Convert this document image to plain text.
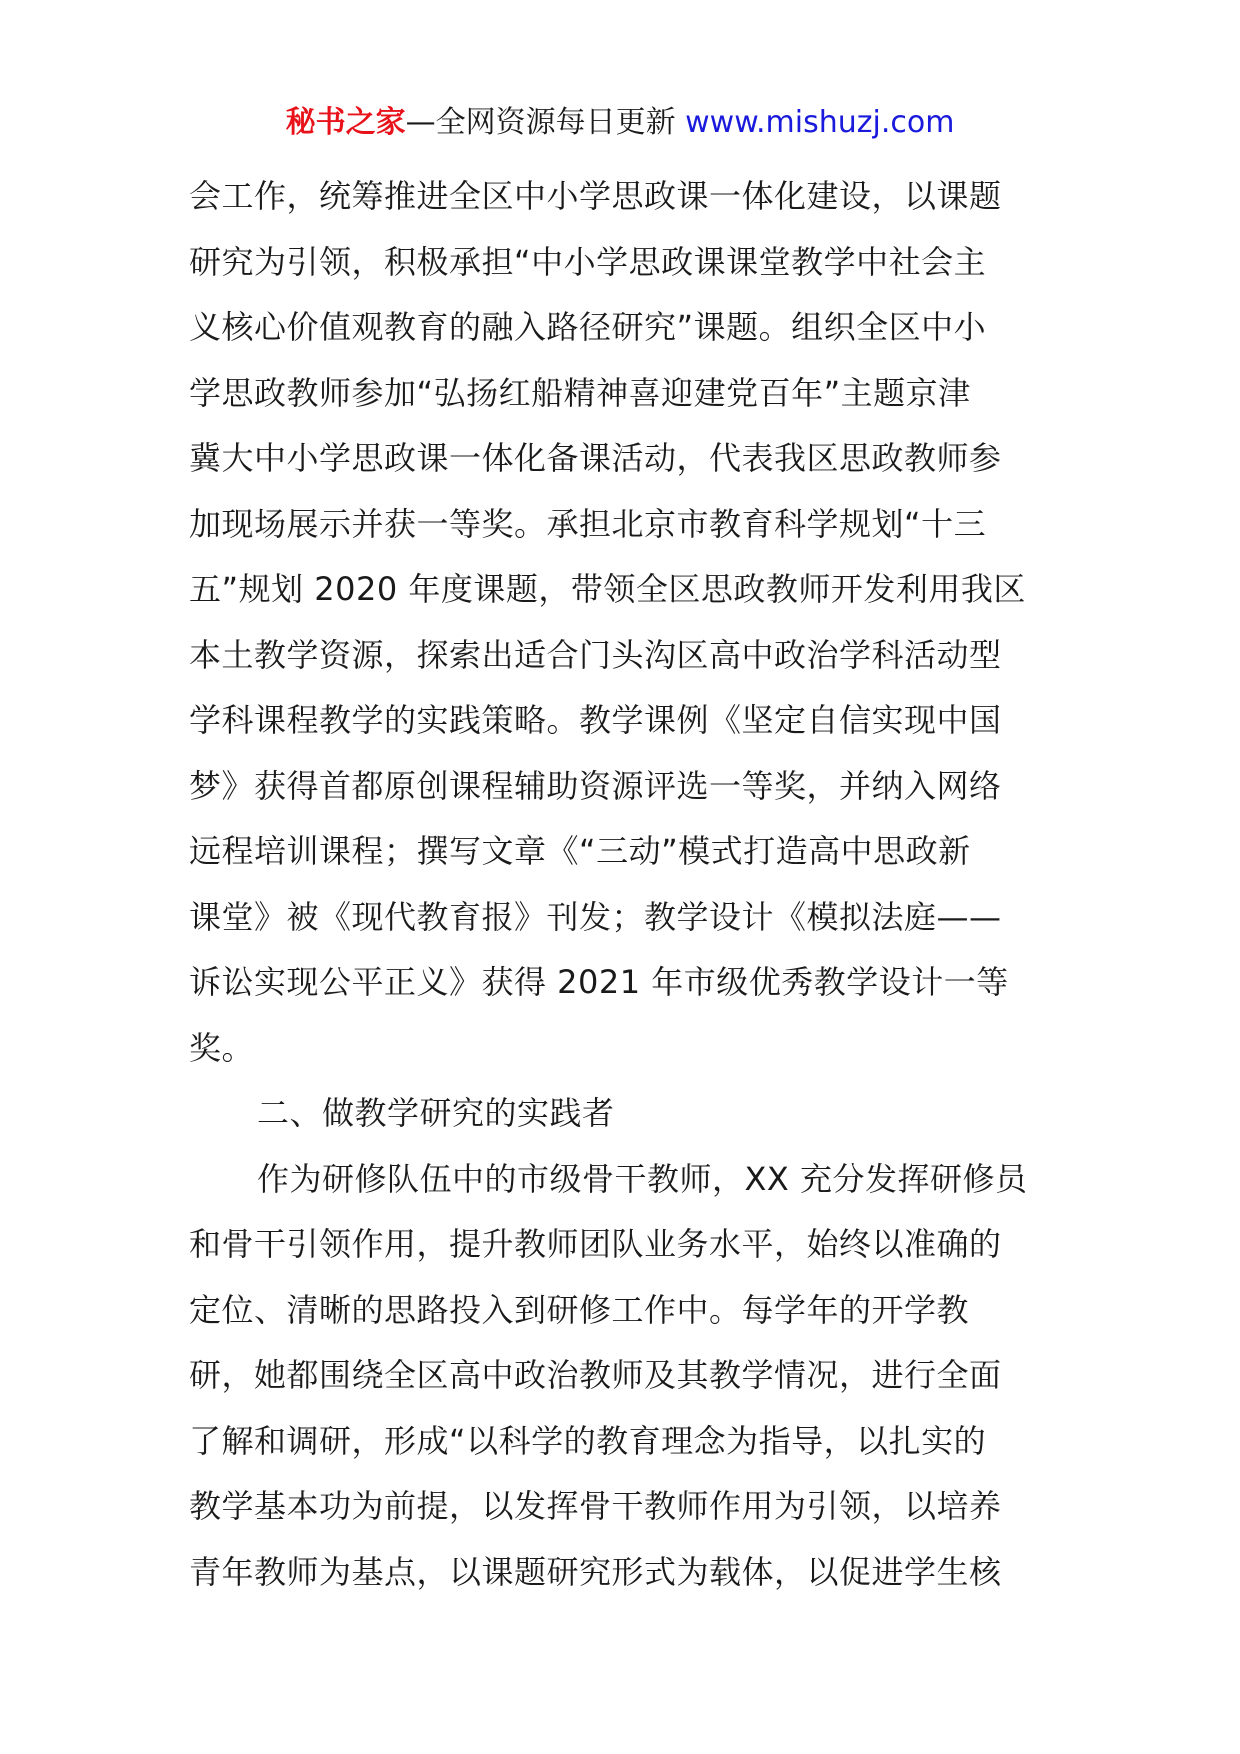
秘书之家—全网资源每日更新 www.mishuzj.com
会工作，统筹推进全区中小学思政课一体化建设，以课题
研究为引领，积极承担“中小学思政课课堂教学中社会主
义核心价值观教育的融入路径研究”课题。组织全区中小
学思政教师参加“弘扬红船精神喜迎建党百年”主题京津
冀大中小学思政课一体化备课活动，代表我区思政教师参
加现场展示并获一等奖。承担北京市教育科学规划“十三
五”规划 2020 年度课题，带领全区思政教师开发利用我区
本土教学资源，探索出适合门头沟区高中政治学科活动型
学科课程教学的实践策略。教学课例《坚定自信实现中国
梦》获得首都原创课程辅助资源评选一等奖，并纳入网络
远程培训课程；撰写文章《“三动”模式打造高中思政新
课堂》被《现代教育报》刊发；教学设计《模拟法庭——
诉讼实现公平正义》获得 2021 年市级优秀教学设计一等
奖。
二、做教学研究的实践者
作为研修队伍中的市级骨干教师，XX 充分发挥研修员
和骨干引领作用，提升教师团队业务水平，始终以准确的
定位、清晰的思路投入到研修工作中。每学年的开学教
研，她都围绕全区高中政治教师及其教学情况，进行全面
了解和调研，形成“以科学的教育理念为指导，以扎实的
教学基本功为前提，以发挥骨干教师作用为引领，以培养
青年教师为基点，以课题研究形式为载体，以促进学生核
